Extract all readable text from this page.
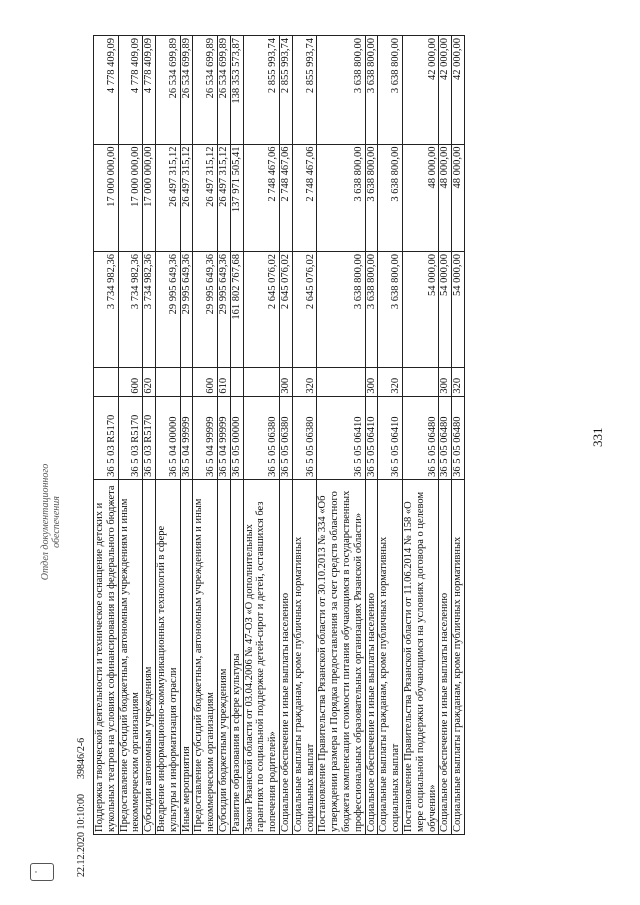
331
Поддержка творческой деятельности и техническое оснащение детских и кукольных театров на условиях софинансирования из федерального бюджета	36 5 03 R5170		3 734 982,36	17 000 000,00	4 778 409,09
Предоставление субсидий бюджетным, автономным учреждениям и иным некоммерческим организациям	36 5 03 R5170	600	3 734 982,36	17 000 000,00	4 778 409,09
Субсидии автономным учреждениям	36 5 03 R5170	620	3 734 982,36	17 000 000,00	4 778 409,09
Внедрение информационно-коммуникационных технологий в сфере культуры и информатизация отрасли	36 5 04 00000		29 995 649,36	26 497 315,12	26 534 699,89
Иные мероприятия	36 5 04 99999		29 995 649,36	26 497 315,12	26 534 699,89
Предоставление субсидий бюджетным, автономным учреждениям и иным некоммерческим организациям	36 5 04 99999	600	29 995 649,36	26 497 315,12	26 534 699,89
Субсидии бюджетным учреждениям	36 5 04 99999	610	29 995 649,36	26 497 315,12	26 534 699,89
Развитие образования в сфере культуры	36 5 05 00000		161 802 767,68	137 971 505,41	138 353 573,87
Закон Рязанской области от 03.04.2006 № 47-ОЗ «О дополнительных гарантиях по социальной поддержке детей-сирот и детей, оставшихся без попечения родителей»	36 5 05 06380		2 645 076,02	2 748 467,06	2 855 993,74
Социальное обеспечение и иные выплаты населению	36 5 05 06380	300	2 645 076,02	2 748 467,06	2 855 993,74
Социальные выплаты гражданам, кроме публичных нормативных социальных выплат	36 5 05 06380	320	2 645 076,02	2 748 467,06	2 855 993,74
Постановление Правительства Рязанской области от 30.10.2013 № 334 «Об утверждении размера и Порядка предоставления за счет средств областного бюджета компенсации стоимости питания обучающимся в государственных профессиональных образовательных организациях Рязанской области»	36 5 05 06410		3 638 800,00	3 638 800,00	3 638 800,00
Социальное обеспечение и иные выплаты населению	36 5 05 06410	300	3 638 800,00	3 638 800,00	3 638 800,00
Социальные выплаты гражданам, кроме публичных нормативных социальных выплат	36 5 05 06410	320	3 638 800,00	3 638 800,00	3 638 800,00
Постановление Правительства Рязанской области от 11.06.2014 № 158 «О мере социальной поддержки обучающимся на условиях договора о целевом обучении»	36 5 05 06480		54 000,00	48 000,00	42 000,00
Социальное обеспечение и иные выплаты населению	36 5 05 06480	300	54 000,00	48 000,00	42 000,00
Социальные выплаты гражданам, кроме публичных нормативных	36 5 05 06480	320	54 000,00	48 000,00	42 000,00
▫	22.12.2020 10:10:00      39846/2-6
Отдел документационного обеспечения
